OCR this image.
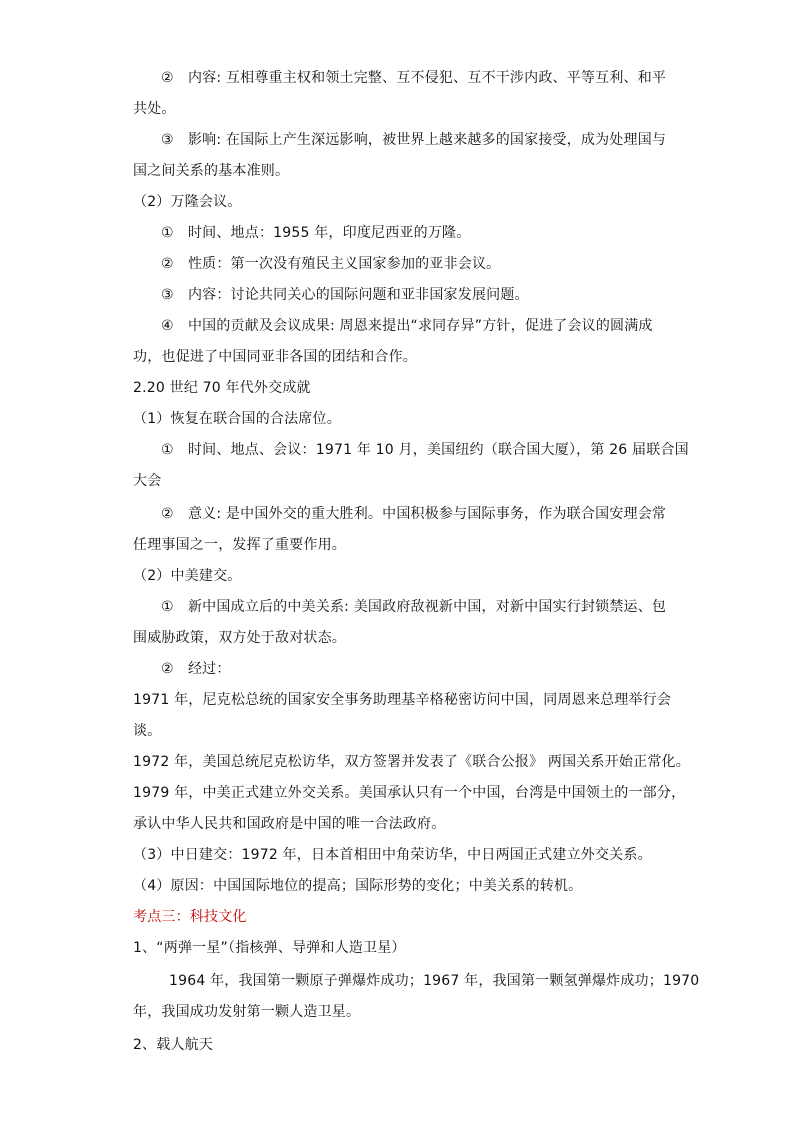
②　内容: 互相尊重主权和领土完整、互不侵犯、互不干涉内政、平等互利、和平
共处。
③　影响: 在国际上产生深远影响，被世界上越来越多的国家接受，成为处理国与
国之间关系的基本准则。
（2）万隆会议。
①　时间、地点：1955 年，印度尼西亚的万隆。
②　性质：第一次没有殖民主义国家参加的亚非会议。
③　内容：讨论共同关心的国际问题和亚非国家发展问题。
④　中国的贡献及会议成果: 周恩来提出“求同存异”方针，促进了会议的圆满成
功，也促进了中国同亚非各国的团结和合作。
2.20 世纪 70 年代外交成就
（1）恢复在联合国的合法席位。
①　时间、地点、会议：1971 年 10 月，美国纽约（联合国大厦），第 26 届联合国
大会
②　意义: 是中国外交的重大胜利。中国积极参与国际事务，作为联合国安理会常
任理事国之一，发挥了重要作用。
（2）中美建交。
①　新中国成立后的中美关系: 美国政府敌视新中国，对新中国实行封锁禁运、包
围威胁政策，双方处于敌对状态。
②　经过：
1971 年，尼克松总统的国家安全事务助理基辛格秘密访问中国，同周恩来总理举行会
谈。
1972 年，美国总统尼克松访华，双方签署并发表了《联合公报》 两国关系开始正常化。
1979 年，中美正式建立外交关系。美国承认只有一个中国，台湾是中国领土的一部分，
承认中华人民共和国政府是中国的唯一合法政府。
（3）中日建交：1972 年，日本首相田中角荣访华，中日两国正式建立外交关系。
（4）原因：中国国际地位的提高；国际形势的变化；中美关系的转机。
考点三：科技文化
1、“两弹一星”（指核弹、导弹和人造卫星）
1964 年，我国第一颗原子弹爆炸成功；1967 年，我国第一颗氢弹爆炸成功；1970
年，我国成功发射第一颗人造卫星。
2、载人航天
